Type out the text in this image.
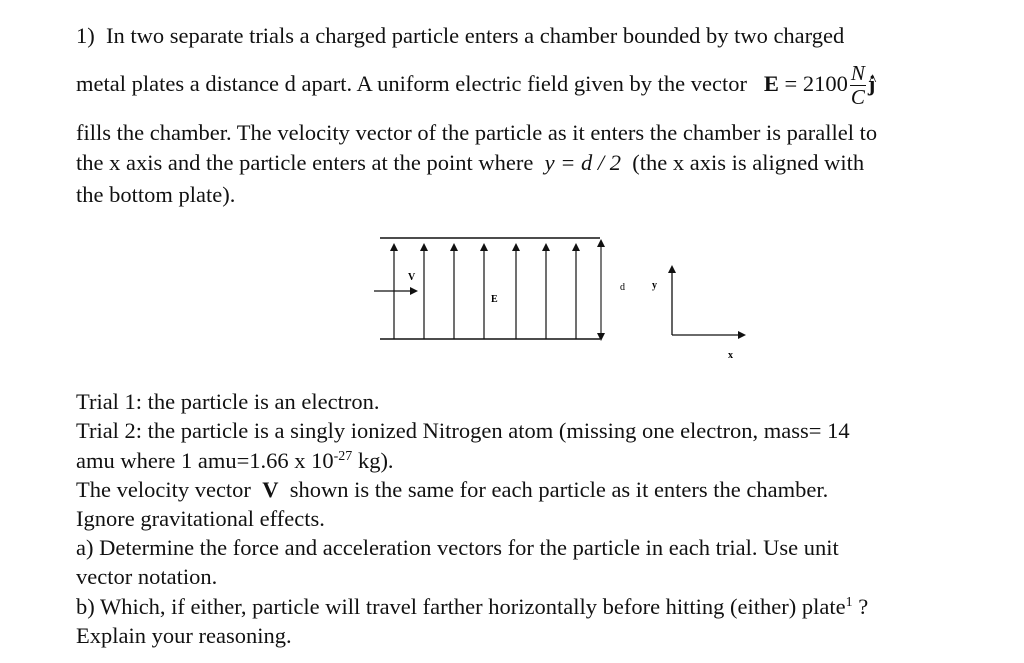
1) In two separate trials a charged particle enters a chamber bounded by two charged
metal plates a distance d apart. A uniform electric field given by the vector $E = 2100 \frac{N}{C}$
^ j
fills the chamber. The velocity vector of the particle as it enters the chamber is parallel to
the x axis and the particle enters at the point where y = d / 2 (the x axis is aligned with
the bottom plate).
V
E
d	y
x
Trial 1: the particle is an electron.
Trial 2: the particle is a singly ionized Nitrogen atom (missing one electron, mass= 14
amu where 1 amu=1.66 x $10^{-27}$ kg).
The velocity vector V shown is the same for each particle as it enters the chamber.
Ignore gravitational effects.
a) Determine the force and acceleration vectors for the particle in each trial. Use unit
vector notation.
b) Which, if either, particle will travel farther horizontally before hitting (either) plate$^1$ ?
Explain your reasoning.
